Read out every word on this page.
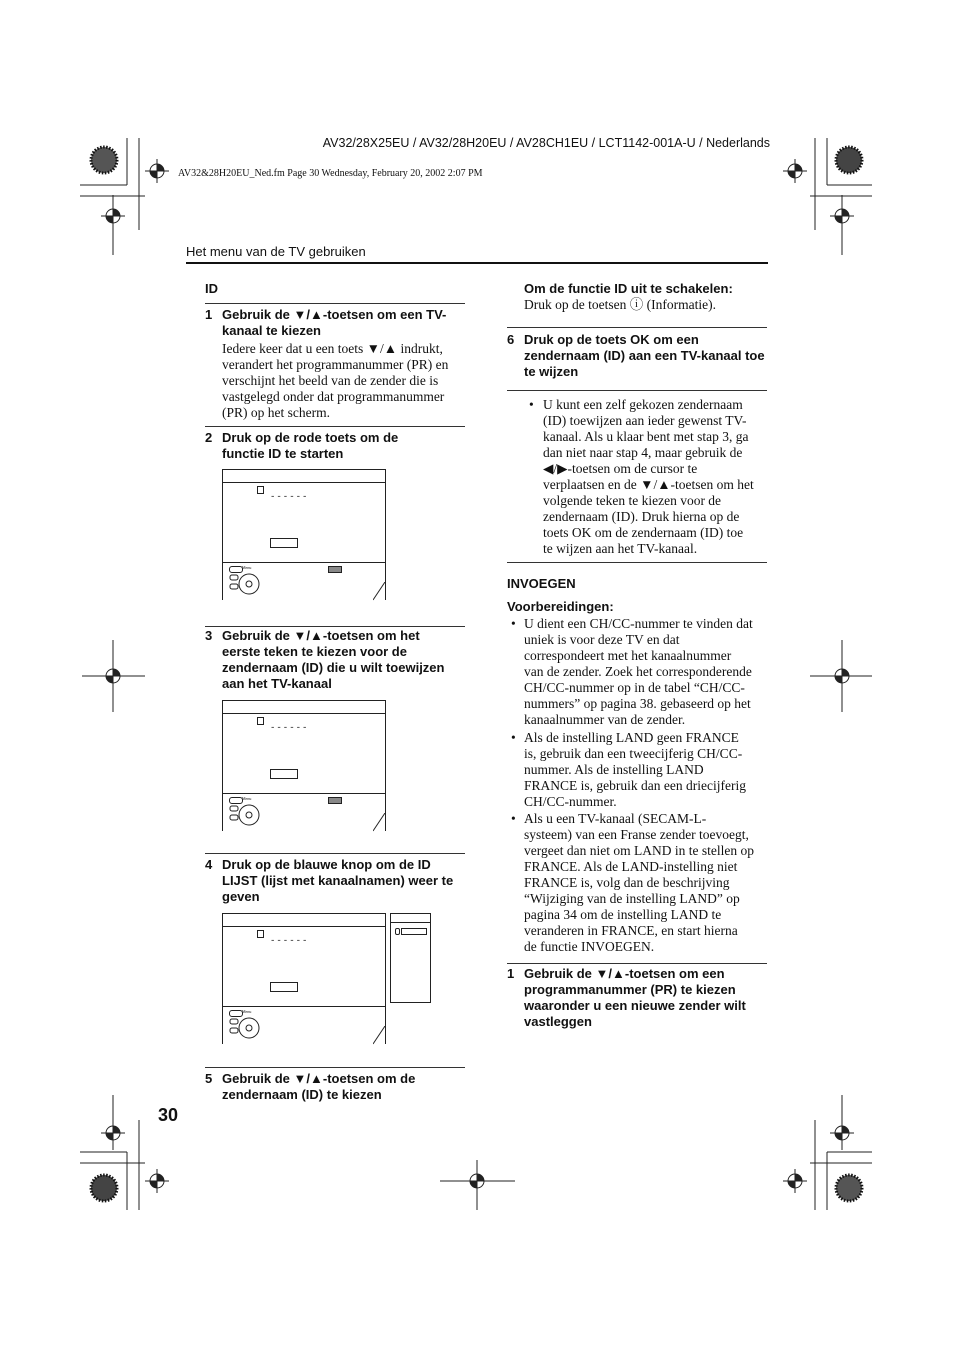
AV32/28X25EU / AV32/28H20EU / AV28CH1EU / LCT1142-001A-U / Nederlands
AV32&28H20EU_Ned.fm Page 30 Wednesday, February 20, 2002 2:07 PM
Het menu van de TV gebruiken
ID
1 Gebruik de ▼/▲-toetsen om een TV-kanaal te kiezen
Iedere keer dat u een toets ▼/▲ indrukt,
verandert het programmanummer (PR) en
verschijnt het beeld van de zender die is
vastgelegd onder dat programmanummer
(PR) op het scherm.
2 Druk op de rode toets om de functie ID te starten
------
Menu
3 Gebruik de ▼/▲-toetsen om het eerste teken te kiezen voor de zendernaam (ID) die u wilt toewijzen aan het TV-kanaal
------
Menu
4 Druk op de blauwe knop om de ID LIJST (lijst met kanaalnamen) weer te geven
------
Menu
5 Gebruik de ▼/▲-toetsen om de zendernaam (ID) te kiezen
30
Om de functie ID uit te schakelen:
Druk op de toetsen ⓘ (Informatie).
6 Druk op de toets OK om een zendernaam (ID) aan een TV-kanaal toe te wijzen
• U kunt een zelf gekozen zendernaam
(ID) toewijzen aan ieder gewenst TV-
kanaal. Als u klaar bent met stap 3, ga
dan niet naar stap 4, maar gebruik de
◀/▶-toetsen om de cursor te
verplaatsen en de ▼/▲-toetsen om het
volgende teken te kiezen voor de
zendernaam (ID). Druk hierna op de
toets OK om de zendernaam (ID) toe
te wijzen aan het TV-kanaal.
INVOEGEN
Voorbereidingen:
• U dient een CH/CC-nummer te vinden dat
uniek is voor deze TV en dat
correspondeert met het kanaalnummer
van de zender. Zoek het corresponderende
CH/CC-nummer op in de tabel “CH/CC-
nummers” op pagina 38. gebaseerd op het
kanaalnummer van de zender.
• Als de instelling LAND geen FRANCE
is, gebruik dan een tweecijferig CH/CC-
nummer. Als de instelling LAND
FRANCE is, gebruik dan een driecijferig
CH/CC-nummer.
• Als u een TV-kanaal (SECAM-L-
systeem) van een Franse zender toevoegt,
vergeet dan niet om LAND in te stellen op
FRANCE. Als de LAND-instelling niet
FRANCE is, volg dan de beschrijving
“Wijziging van de instelling LAND” op
pagina 34 om de instelling LAND te
veranderen in FRANCE, en start hierna
de functie INVOEGEN.
1 Gebruik de ▼/▲-toetsen om een programmanummer (PR) te kiezen waaronder u een nieuwe zender wilt vastleggen
